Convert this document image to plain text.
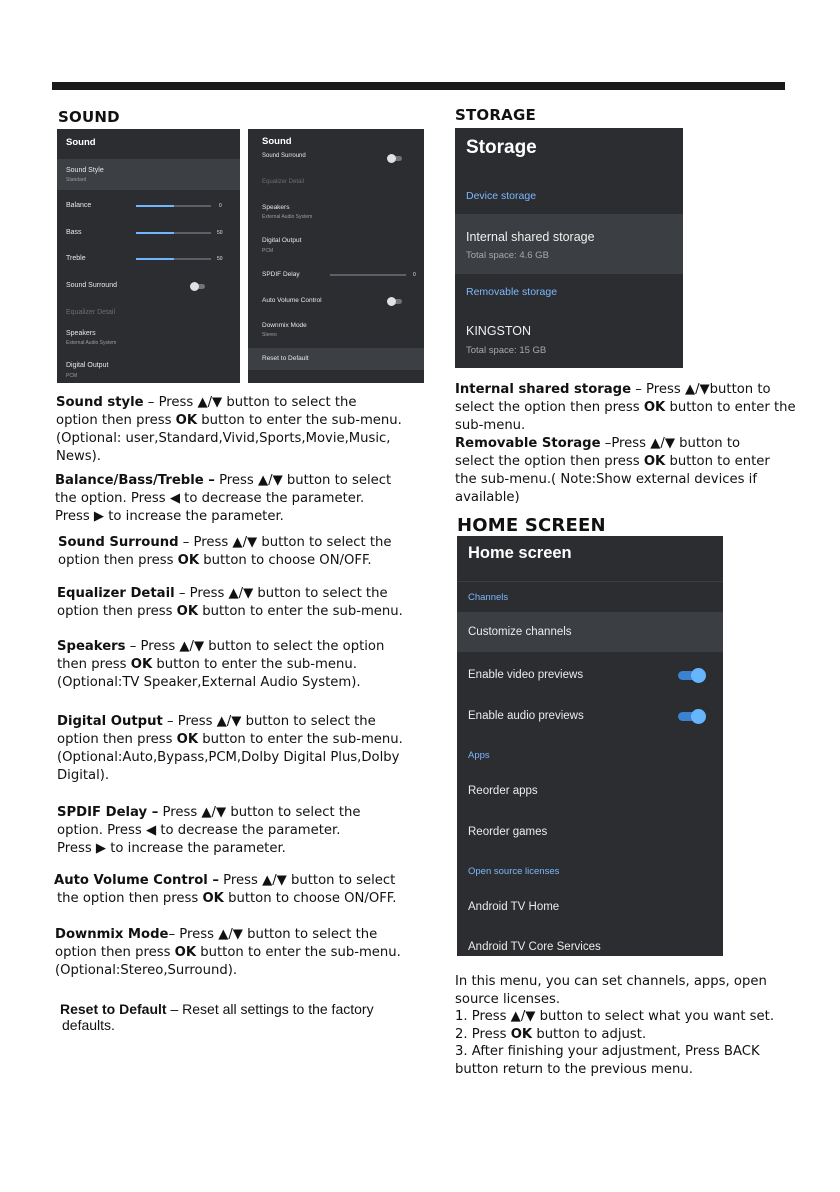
SOUND
Sound
Sound Style
Standard
Balance	0
Bass	50
Treble	50
Sound Surround
Equalizer Detail
Speakers
External Audio System
Digital Output
PCM
Sound
Sound Surround
Equalizer Detail
Speakers
External Audio System
Digital Output
PCM
SPDIF Delay	0
Auto Volume Control
Downmix Mode
Stereo
Reset to Default
Sound style – Press ▲/▼ button to select the
option then press OK button to enter the sub-menu.
(Optional: user,Standard,Vivid,Sports,Movie,Music,
News).
Balance/Bass/Treble – Press ▲/▼ button to select
the option. Press ◀ to decrease the parameter.
Press ▶ to increase the parameter.
Sound Surround – Press ▲/▼ button to select the
option then press OK button to choose ON/OFF.
Equalizer Detail – Press ▲/▼ button to select the
option then press OK button to enter the sub-menu.
Speakers – Press ▲/▼ button to select the option
then press OK button to enter the sub-menu.
(Optional:TV Speaker,External Audio System).
Digital Output – Press ▲/▼ button to select the
option then press OK button to enter the sub-menu.
(Optional:Auto,Bypass,PCM,Dolby Digital Plus,Dolby
Digital).
SPDIF Delay – Press ▲/▼ button to select the
option. Press ◀ to decrease the parameter.
Press ▶ to increase the parameter.
Auto Volume Control – Press ▲/▼ button to select
the option then press OK button to choose ON/OFF.
Downmix Mode– Press ▲/▼ button to select the
option then press OK button to enter the sub-menu.
(Optional:Stereo,Surround).
Reset to Default – Reset all settings to the factory
defaults.
STORAGE
Storage
Device storage
Internal shared storage
Total space: 4.6 GB
Removable storage
KINGSTON
Total space: 15 GB
Internal shared storage – Press ▲/▼button to
select the option then press OK button to enter the
sub-menu.
Removable Storage –Press ▲/▼ button to
select the option then press OK button to enter
the sub-menu.( Note:Show external devices if
available)
HOME SCREEN
Home screen
Channels
Customize channels
Enable video previews
Enable audio previews
Apps
Reorder apps
Reorder games
Open source licenses
Android TV Home
Android TV Core Services
In this menu, you can set channels, apps, open
source licenses.
1. Press ▲/▼ button to select what you want set.
2. Press OK button to adjust.
3. After finishing your adjustment, Press BACK
button return to the previous menu.
